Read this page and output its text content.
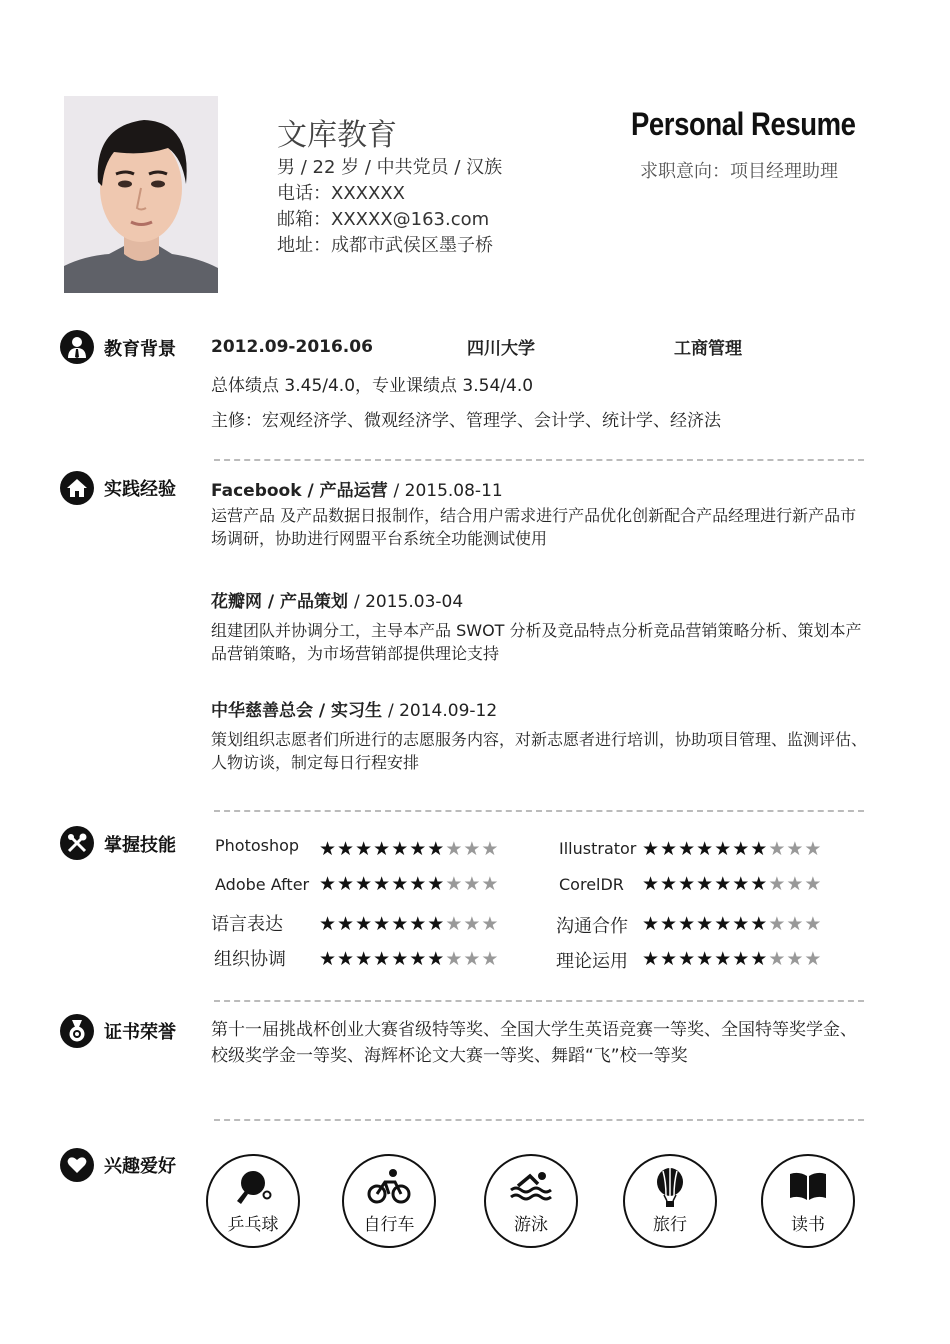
文库教育
男 / 22 岁 / 中共党员 / 汉族
电话：XXXXXX
邮箱：XXXXX@163.com
地址：成都市武侯区墨子桥
Personal Resume
求职意向：项目经理助理
教育背景 2012.09-2016.06	四川大学	工商管理
总体绩点 3.45/4.0，专业课绩点 3.54/4.0
主修：宏观经济学、微观经济学、管理学、会计学、统计学、经济法
实践经验 Facebook / 产品运营 / 2015.08-11
运营产品 及产品数据日报制作，结合用户需求进行产品优化创新配合产品经理进行新产品市场调研，协助进行网盟平台系统全功能测试使用
花瓣网 / 产品策划 / 2015.03-04
组建团队并协调分工，主导本产品 SWOT 分析及竞品特点分析竞品营销策略分析、策划本产品营销策略，为市场营销部提供理论支持
中华慈善总会 / 实习生 / 2014.09-12
策划组织志愿者们所进行的志愿服务内容，对新志愿者进行培训，协助项目管理、监测评估、人物访谈，制定每日行程安排
掌握技能 Photoshop ★★★★★★★★★★	Illustrator ★★★★★★★★★★
Adobe After ★★★★★★★★★★	CorelDR ★★★★★★★★★★
语言表达 ★★★★★★★★★★	沟通合作 ★★★★★★★★★★
组织协调 ★★★★★★★★★★	理论运用 ★★★★★★★★★★
证书荣誉 第十一届挑战杯创业大赛省级特等奖、全国大学生英语竞赛一等奖、全国特等奖学金、校级奖学金一等奖、海辉杯论文大赛一等奖、舞蹈“飞”校一等奖
兴趣爱好
乒乓球	自行车	游泳	旅行	读书
